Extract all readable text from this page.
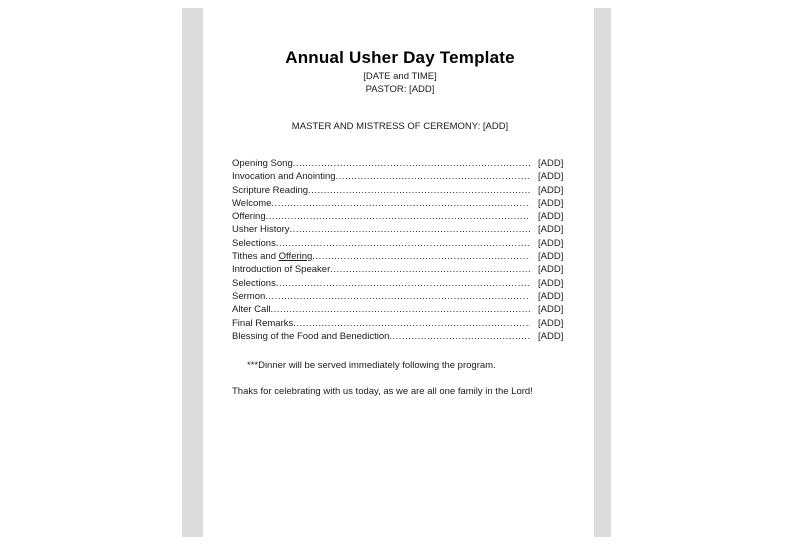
Annual Usher Day Template
[DATE and TIME]
PASTOR: [ADD]
MASTER AND MISTRESS OF CEREMONY: [ADD]
Opening Song .....	[ADD]
Invocation and Anointing .....	[ADD]
Scripture Reading .....	[ADD]
Welcome .....	[ADD]
Offering .....	[ADD]
Usher History .....	[ADD]
Selections .....	[ADD]
Tithes and Offering .....	[ADD]
Introduction of Speaker .....	[ADD]
Selections .....	[ADD]
Sermon .....	[ADD]
Alter Call .....	[ADD]
Final Remarks .....	[ADD]
Blessing of the Food and Benediction .....	[ADD]
***Dinner will be served immediately following the program.
Thaks for celebrating with us today, as we are all one family in the Lord!
